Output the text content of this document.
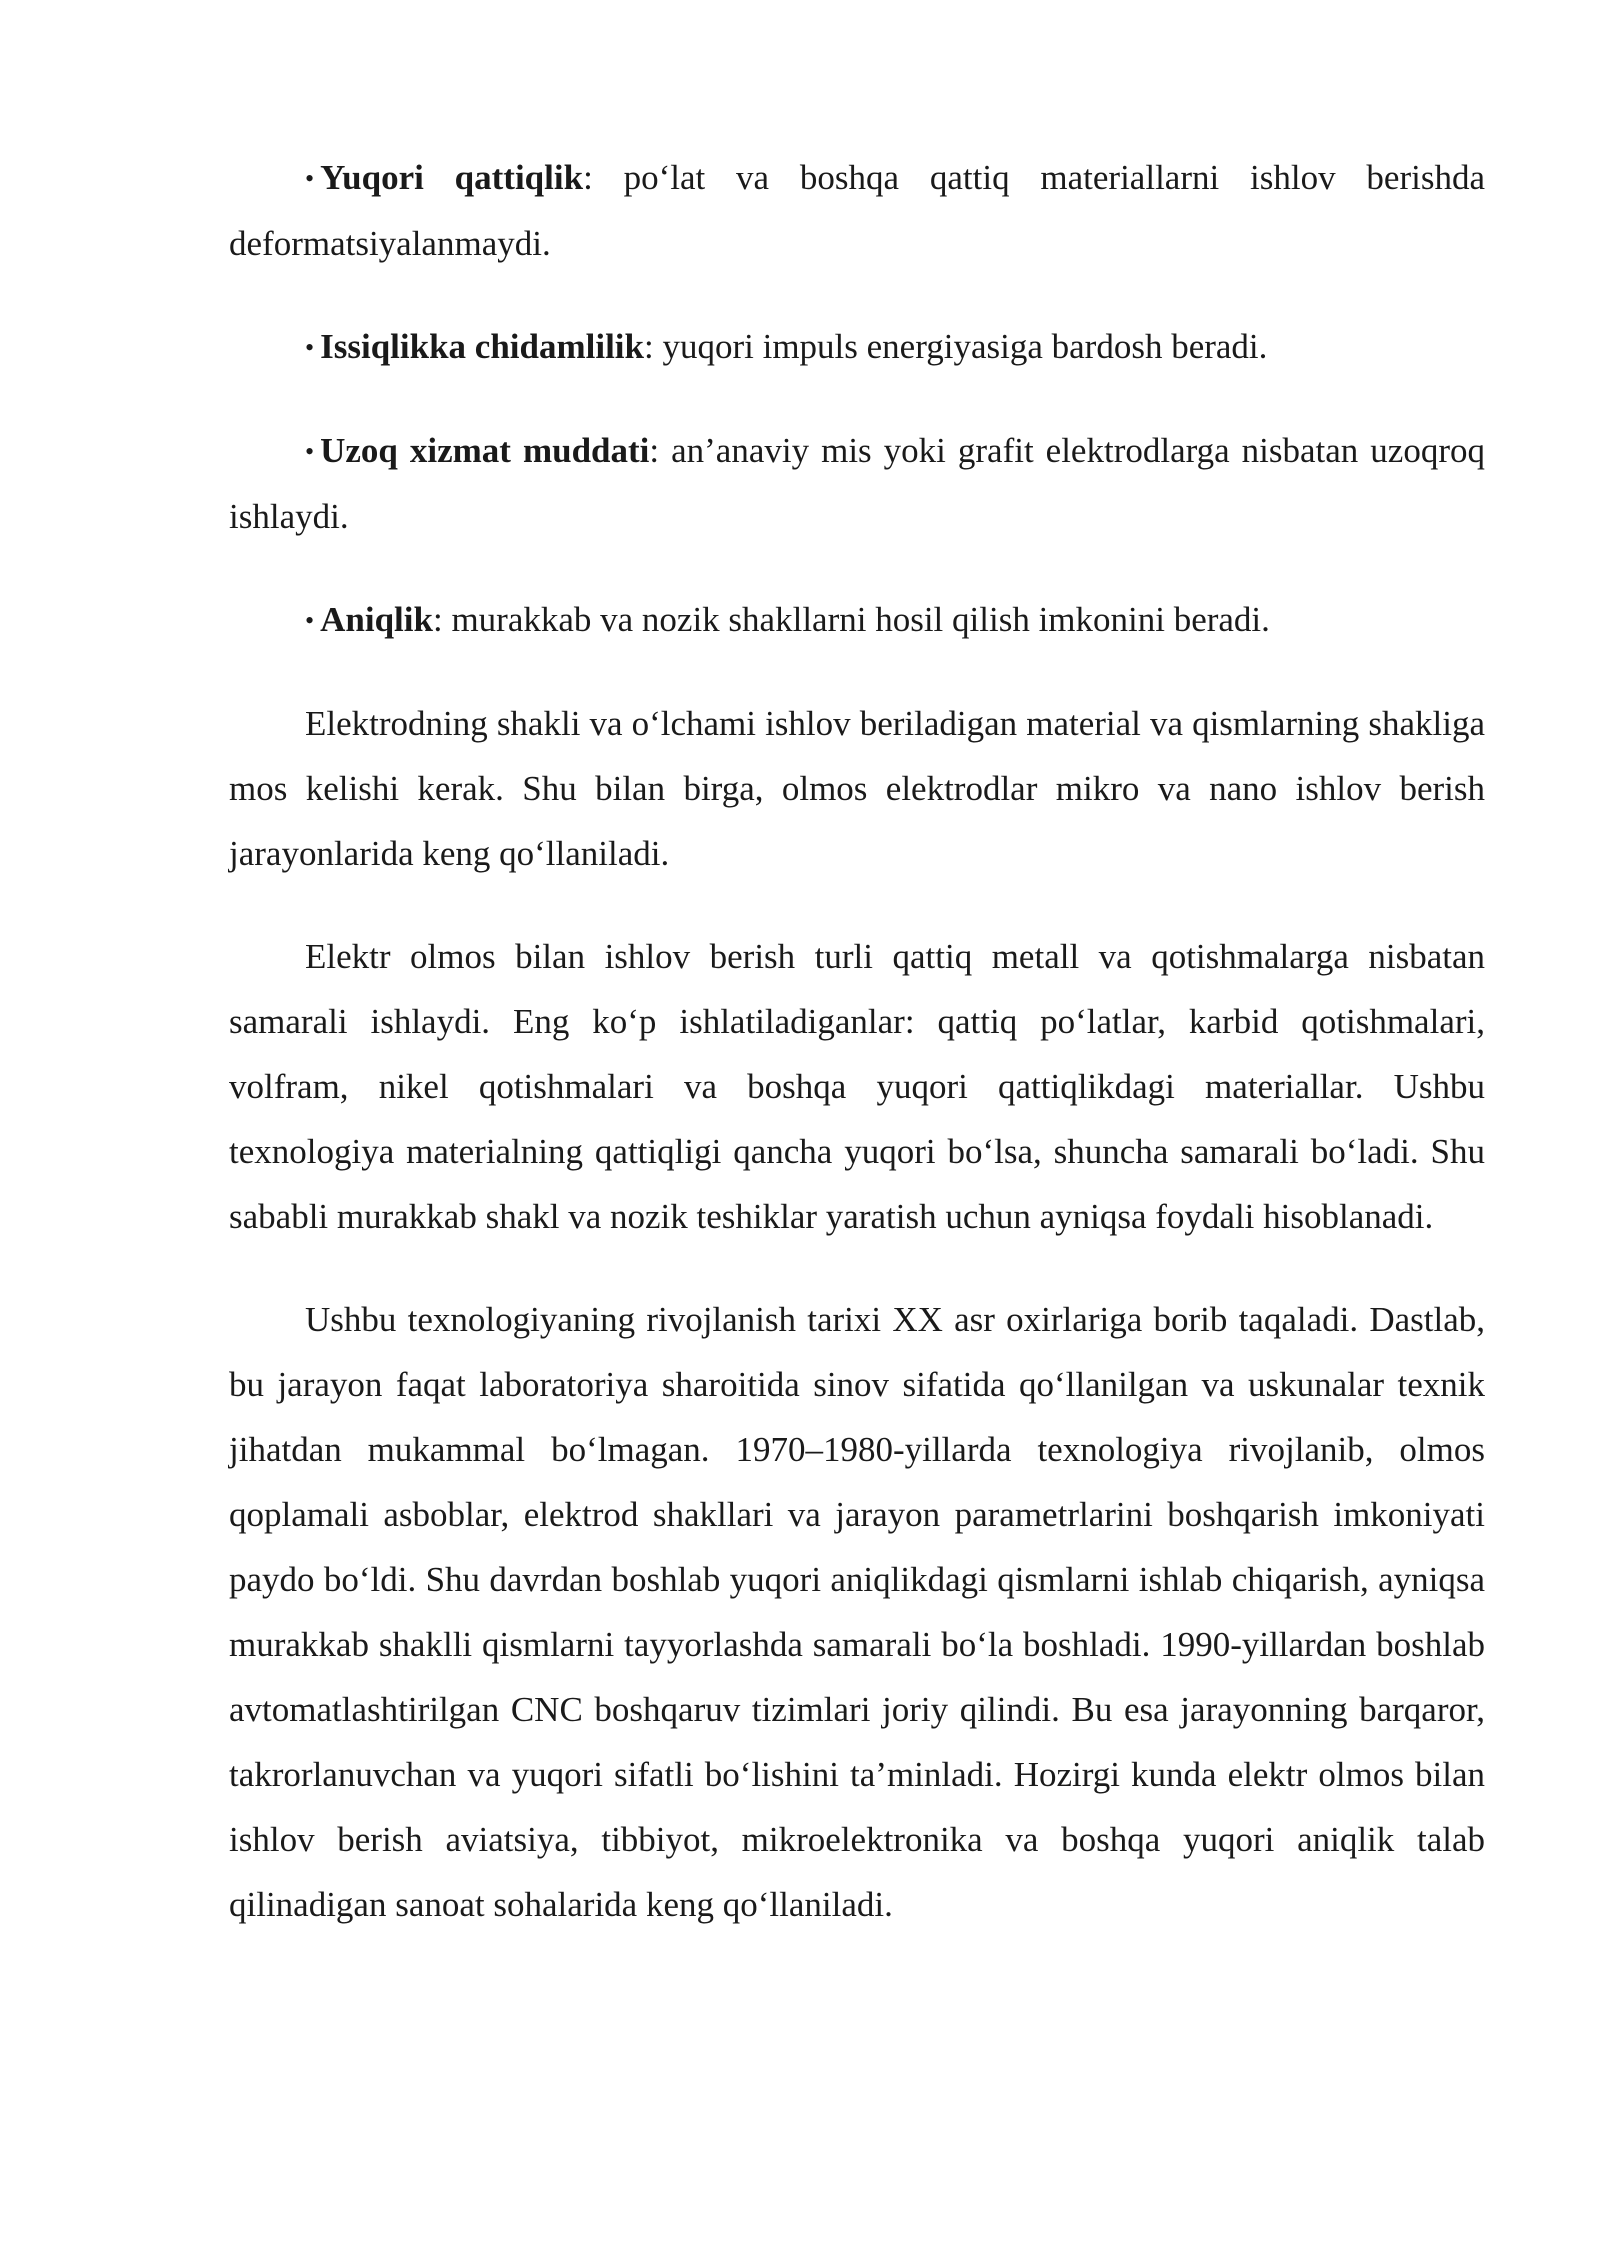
• Yuqori qattiqlik: po‘lat va boshqa qattiq materiallarni ishlov berishda deformatsiyalanmaydi.

• Issiqlikka chidamlilik: yuqori impuls energiyasiga bardosh beradi.

• Uzoq xizmat muddati: an’anaviy mis yoki grafit elektrodlarga nisbatan uzoqroq ishlaydi.

• Aniqlik: murakkab va nozik shakllarni hosil qilish imkonini beradi.

Elektrodning shakli va o‘lchami ishlov beriladigan material va qismlarning shakliga mos kelishi kerak. Shu bilan birga, olmos elektrodlar mikro va nano ishlov berish jarayonlarida keng qo‘llaniladi.

Elektr olmos bilan ishlov berish turli qattiq metall va qotishmalarga nisbatan samarali ishlaydi. Eng ko‘p ishlatiladiganlar: qattiq po‘latlar, karbid qotishmalari, volfram, nikel qotishmalari va boshqa yuqori qattiqlikdagi materiallar. Ushbu texnologiya materialning qattiqligi qancha yuqori bo‘lsa, shuncha samarali bo‘ladi. Shu sababli murakkab shakl va nozik teshiklar yaratish uchun ayniqsa foydali hisoblanadi.

Ushbu texnologiyaning rivojlanish tarixi XX asr oxirlariga borib taqaladi. Dastlab, bu jarayon faqat laboratoriya sharoitida sinov sifatida qo‘llanilgan va uskunalar texnik jihatdan mukammal bo‘lmagan. 1970–1980-yillarda texnologiya rivojlanib, olmos qoplamali asboblar, elektrod shakllari va jarayon parametrlarini boshqarish imkoniyati paydo bo‘ldi. Shu davrdan boshlab yuqori aniqlikdagi qismlarni ishlab chiqarish, ayniqsa murakkab shaklli qismlarni tayyorlashda samarali bo‘la boshladi. 1990-yillardan boshlab avtomatlashtirilgan CNC boshqaruv tizimlari joriy qilindi. Bu esa jarayonning barqaror, takrorlanuvchan va yuqori sifatli bo‘lishini ta’minladi. Hozirgi kunda elektr olmos bilan ishlov berish aviatsiya, tibbiyot, mikroelektronika va boshqa yuqori aniqlik talab qilinadigan sanoat sohalarida keng qo‘llaniladi.
